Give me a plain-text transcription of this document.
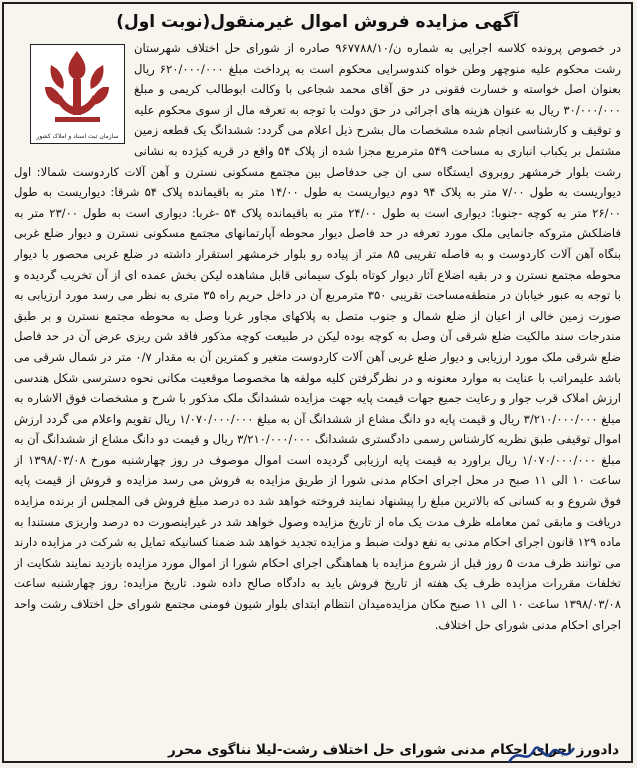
آگهی مزایده فروش اموال غیرمنقول(نوبت اول)
سازمان ثبت اسناد و املاک کشور
در خصوص پرونده کلاسه اجرایی به شماره ن/۹۶۷۷۸۸/۱۰ صادره از شورای حل اختلاف شهرستان رشت محکوم علیه منوچهر وطن خواه کندوسرایی محکوم است به پرداخت مبلغ ۶۲۰/۰۰۰/۰۰۰ ریال بعنوان اصل خواسته و خسارت فقونی در حق آقای محمد شجاعی با وکالت ابوطالب کریمی و مبلغ ۳۰/۰۰۰/۰۰۰ ریال به عنوان هزینه های اجرائی در حق دولت با توجه به تعرفه مال از سوی محکوم علیه و توقیف و کارشناسی انجام شده مشخصات مال بشرح ذیل اعلام می گردد: ششدانگ یک قطعه زمین مشتمل بر یکباب انباری به مساحت ۵۴۹ مترمربع مجزا شده از پلاک ۵۴ واقع در قریه کیژده به نشانی رشت بلوار خرمشهر روبروی ایستگاه سی ان جی حدفاصل بین مجتمع مسکونی نسترن و آهن آلات کاردوست شمالا: اول دیواریست به طول ۷/۰۰ متر به پلاک ۹۴ دوم دیواریست به طول ۱۴/۰۰ متر به باقیمانده پلاک ۵۴ شرقا: دیواریست به طول ۲۶/۰۰ متر به کوچه -جنوبا: دیواری است به طول ۲۴/۰۰ متر به باقیمانده پلاک ۵۴ -غربا: دیواری است به طول ۲۳/۰۰ متر به فاضلکش متروکه جانمایی ملک مورد تعرفه در حد فاصل دیوار محوطه آپارتمانهای مجتمع مسکونی نسترن و دیوار ضلع غربی بنگاه آهن آلات کاردوست و به فاصله تقریبی ۸۵ متر از پیاده رو بلوار خرمشهر استقرار داشته در ضلع غربی محصور با دیوار محوطه مجتمع نسترن و در بقیه اضلاع آثار دیوار کوتاه بلوک سیمانی قابل مشاهده لیکن بخش عمده ای از آن تخریب گردیده و با توجه به عبور خیابان در منطقه‌مساحت تقریبی ۳۵۰ مترمربع آن در داخل حریم راه ۳۵ متری به نظر می رسد مورد ارزیابی به صورت زمین خالی از اعیان از ضلع شمال و جنوب متصل به پلاکهای مجاور غربا وصل به محوطه مجتمع نسترن و بر طبق مندرجات سند مالکیت ضلع شرقی آن وصل به کوچه بوده لیکن در طبیعت کوچه مذکور فاقد شن ریزی عرض آن در حد فاصل ضلع شرقی ملک مورد ارزیابی و دیوار ضلع غربی آهن آلات کاردوست متغیر و کمترین آن به مقدار ۰/۷ متر در شمال شرقی می باشد علیمراتب با عنایت به موارد معنونه و در نظرگرفتن کلیه مولفه ها مخصوصا موقعیت مکانی نحوه دسترسی شکل هندسی ارزش املاک قرب جوار و رعایت جمیع جهات قیمت پایه جهت مزایده ششدانگ ملک مذکور با شرح و مشخصات فوق الاشاره به مبلغ ۳/۲۱۰/۰۰۰/۰۰۰ ریال و قیمت پایه دو دانگ مشاع از ششدانگ آن به مبلغ ۱/۰۷۰/۰۰۰/۰۰۰ ریال تقویم واعلام می گردد ارزش اموال توقیفی طبق نظریه کارشناس رسمی دادگستری ششدانگ ۳/۲۱۰/۰۰۰/۰۰۰ ریال و قیمت دو دانگ مشاع از ششدانگ آن به مبلغ ۱/۰۷۰/۰۰۰/۰۰۰ ریال براورد به قیمت پایه ارزیابی گردیده است اموال موصوف در روز چهارشنبه مورخ ۱۳۹۸/۰۳/۰۸ از ساعت ۱۰ الی ۱۱ صبح در محل اجرای احکام مدنی شورا از طریق مزایده به فروش می رسد مزایده و فروش از قیمت پایه فوق شروع و به کسانی که بالاترین مبلغ را پیشنهاد نمایند فروخته خواهد شد ده درصد مبلغ فروش فی المجلس از برنده مزایده دریافت و مابقی ثمن معامله ظرف مدت یک ماه از تاریخ مزایده وصول خواهد شد در غیراینصورت ده درصد واریزی مستندا به ماده ۱۲۹ قانون اجرای احکام مدنی به نفع دولت ضبط و مزایده تجدید خواهد شد ضمنا کسانیکه تمایل به شرکت در مزایده دارند می توانند ظرف مدت ۵ روز قبل از شروع مزایده با هماهنگی اجرای احکام شورا از اموال مورد مزایده بازدید نمایند شکایت از تخلفات مقررات مزایده ظرف یک هفته از تاریخ فروش باید به دادگاه صالح داده شود. تاریخ مزایده: روز چهارشنبه ساعت ۱۳۹۸/۰۳/۰۸ ساعت ۱۰ الی ۱۱ صبح مکان مزایده‌میدان انتظام ابتدای بلوار شیون فومنی مجتمع شورای حل اختلاف رشت واحد اجرای احکام مدنی شورای حل اختلاف.
دادورز اجرای احکام مدنی شورای حل اختلاف رشت-لیلا نناگوی محرر
